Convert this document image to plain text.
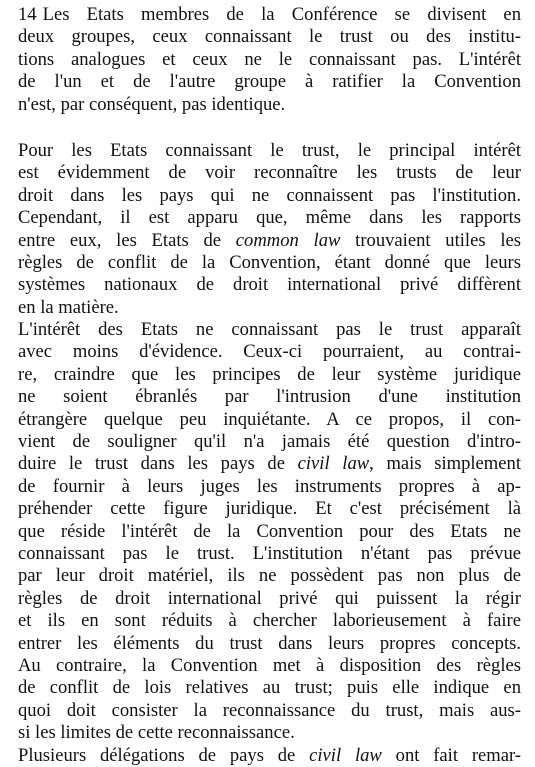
14 Les Etats membres de la Conférence se divisent en
deux groupes, ceux connaissant le trust ou des institu-
tions analogues et ceux ne le connaissant pas. L'intérêt
de l'un et de l'autre groupe à ratifier la Convention
n'est, par conséquent, pas identique.
Pour les Etats connaissant le trust, le principal intérêt
est évidemment de voir reconnaître les trusts de leur
droit dans les pays qui ne connaissent pas l'institution.
Cependant, il est apparu que, même dans les rapports
entre eux, les Etats de common law trouvaient utiles les
règles de conflit de la Convention, étant donné que leurs
systèmes nationaux de droit international privé diffèrent
en la matière.
L'intérêt des Etats ne connaissant pas le trust apparaît
avec moins d'évidence. Ceux-ci pourraient, au contrai-
re, craindre que les principes de leur système juridique
ne soient ébranlés par l'intrusion d'une institution
étrangère quelque peu inquiétante. A ce propos, il con-
vient de souligner qu'il n'a jamais été question d'intro-
duire le trust dans les pays de civil law, mais simplement
de fournir à leurs juges les instruments propres à ap-
préhender cette figure juridique. Et c'est précisément là
que réside l'intérêt de la Convention pour des Etats ne
connaissant pas le trust. L'institution n'étant pas prévue
par leur droit matériel, ils ne possèdent pas non plus de
règles de droit international privé qui puissent la régir
et ils en sont réduits à chercher laborieusement à faire
entrer les éléments du trust dans leurs propres concepts.
Au contraire, la Convention met à disposition des règles
de conflit de lois relatives au trust; puis elle indique en
quoi doit consister la reconnaissance du trust, mais aus-
si les limites de cette reconnaissance.
Plusieurs délégations de pays de civil law ont fait remar-
